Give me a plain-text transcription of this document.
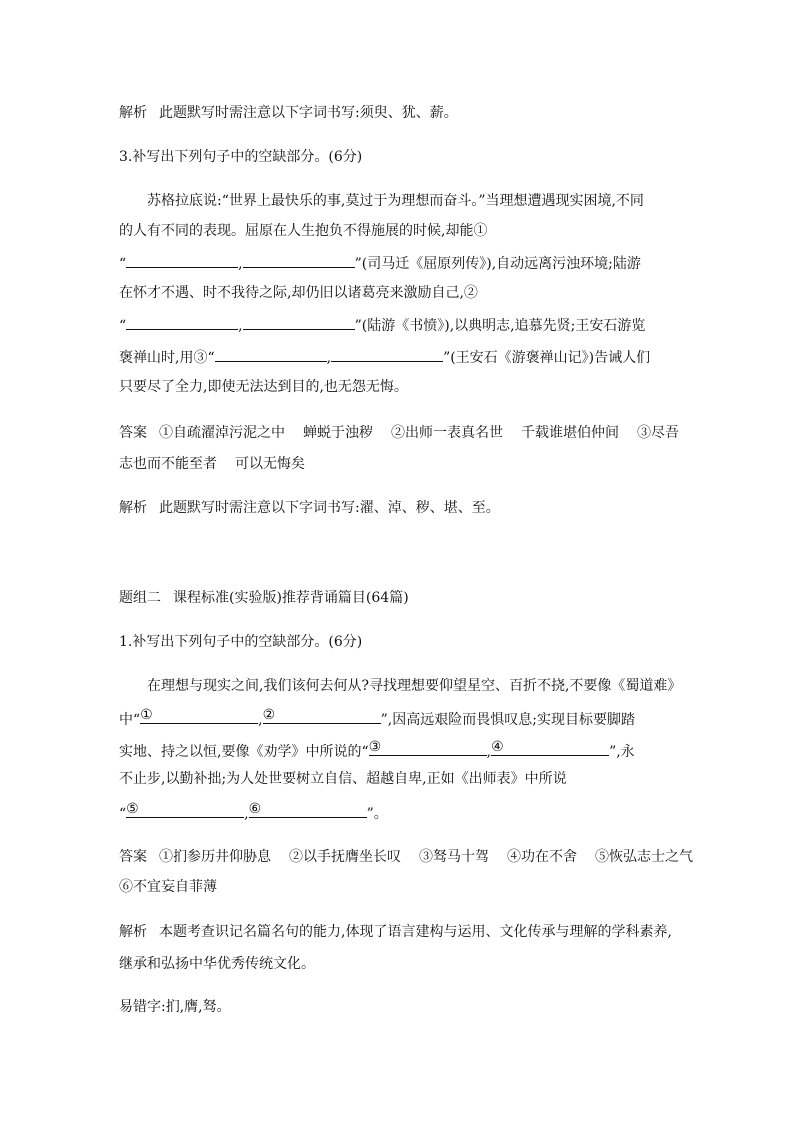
解析 此题默写时需注意以下字词书写:须臾、犹、薪。
3.补写出下列句子中的空缺部分。(6分)
苏格拉底说:“世界上最快乐的事,莫过于为理想而奋斗。”当理想遭遇现实困境,不同
的人有不同的表现。屈原在人生抱负不得施展的时候,却能①
“	,	”(司马迁《屈原列传》),自动远离污浊环境;陆游
在怀才不遇、时不我待之际,却仍旧以诸葛亮来激励自己,②
“	,	”(陆游《书愤》),以典明志,追慕先贤;王安石游览
褒禅山时,用③“	,	”(王安石《游褒禅山记》)告诫人们
只要尽了全力,即使无法达到目的,也无怨无悔。
答案 ①自疏濯淖污泥之中 蝉蜕于浊秽 ②出师一表真名世 千载谁堪伯仲间 ③尽吾
志也而不能至者 可以无悔矣
解析 此题默写时需注意以下字词书写:濯、淖、秽、堪、至。
题组二 课程标准(实验版)推荐背诵篇目(64篇)
1.补写出下列句子中的空缺部分。(6分)
在理想与现实之间,我们该何去何从?寻找理想要仰望星空、百折不挠,不要像《蜀道难》
中“ ①	, ②	”,因高远艰险而畏惧叹息;实现目标要脚踏
实地、持之以恒,要像《劝学》中所说的“ ③	, ④	”,永
不止步,以勤补拙;为人处世要树立自信、超越自卑,正如《出师表》中所说
“ ⑤	, ⑥	”。
答案 ①扪参历井仰胁息 ②以手抚膺坐长叹 ③驽马十驾 ④功在不舍 ⑤恢弘志士之气
⑥不宜妄自菲薄
解析 本题考查识记名篇名句的能力,体现了语言建构与运用、文化传承与理解的学科素养,
继承和弘扬中华优秀传统文化。
易错字:扪,膺,驽。
